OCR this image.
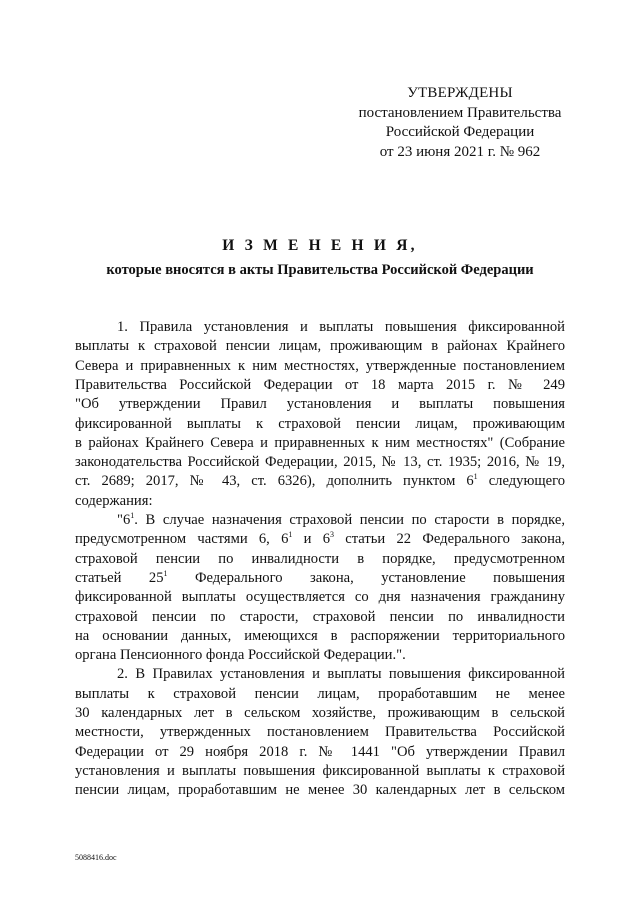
УТВЕРЖДЕНЫ
постановлением Правительства
Российской Федерации
от 23 июня 2021 г. № 962
И З М Е Н Е Н И Я,
которые вносятся в акты Правительства Российской Федерации
1. Правила установления и выплаты повышения фиксированной
выплаты к страховой пенсии лицам, проживающим в районах Крайнего
Севера и приравненных к ним местностях, утвержденные постановлением
Правительства Российской Федерации от 18 марта 2015 г. № 249
"Об утверждении Правил установления и выплаты повышения
фиксированной выплаты к страховой пенсии лицам, проживающим
в районах Крайнего Севера и приравненных к ним местностях" (Собрание
законодательства Российской Федерации, 2015, № 13, ст. 1935; 2016, № 19,
ст. 2689; 2017, № 43, ст. 6326), дополнить пунктом $6^1$ следующего
содержания:
"$6^1$. В случае назначения страховой пенсии по старости в порядке,
предусмотренном частями 6, $6^1$ и $6^3$ статьи 22 Федерального закона,
страховой пенсии по инвалидности в порядке, предусмотренном
статьей $25^1$ Федерального закона, установление повышения
фиксированной выплаты осуществляется со дня назначения гражданину
страховой пенсии по старости, страховой пенсии по инвалидности
на основании данных, имеющихся в распоряжении территориального
органа Пенсионного фонда Российской Федерации.".
2. В Правилах установления и выплаты повышения фиксированной
выплаты к страховой пенсии лицам, проработавшим не менее
30 календарных лет в сельском хозяйстве, проживающим в сельской
местности, утвержденных постановлением Правительства Российской
Федерации от 29 ноября 2018 г. № 1441 "Об утверждении Правил
установления и выплаты повышения фиксированной выплаты к страховой
пенсии лицам, проработавшим не менее 30 календарных лет в сельском
5088416.doc
